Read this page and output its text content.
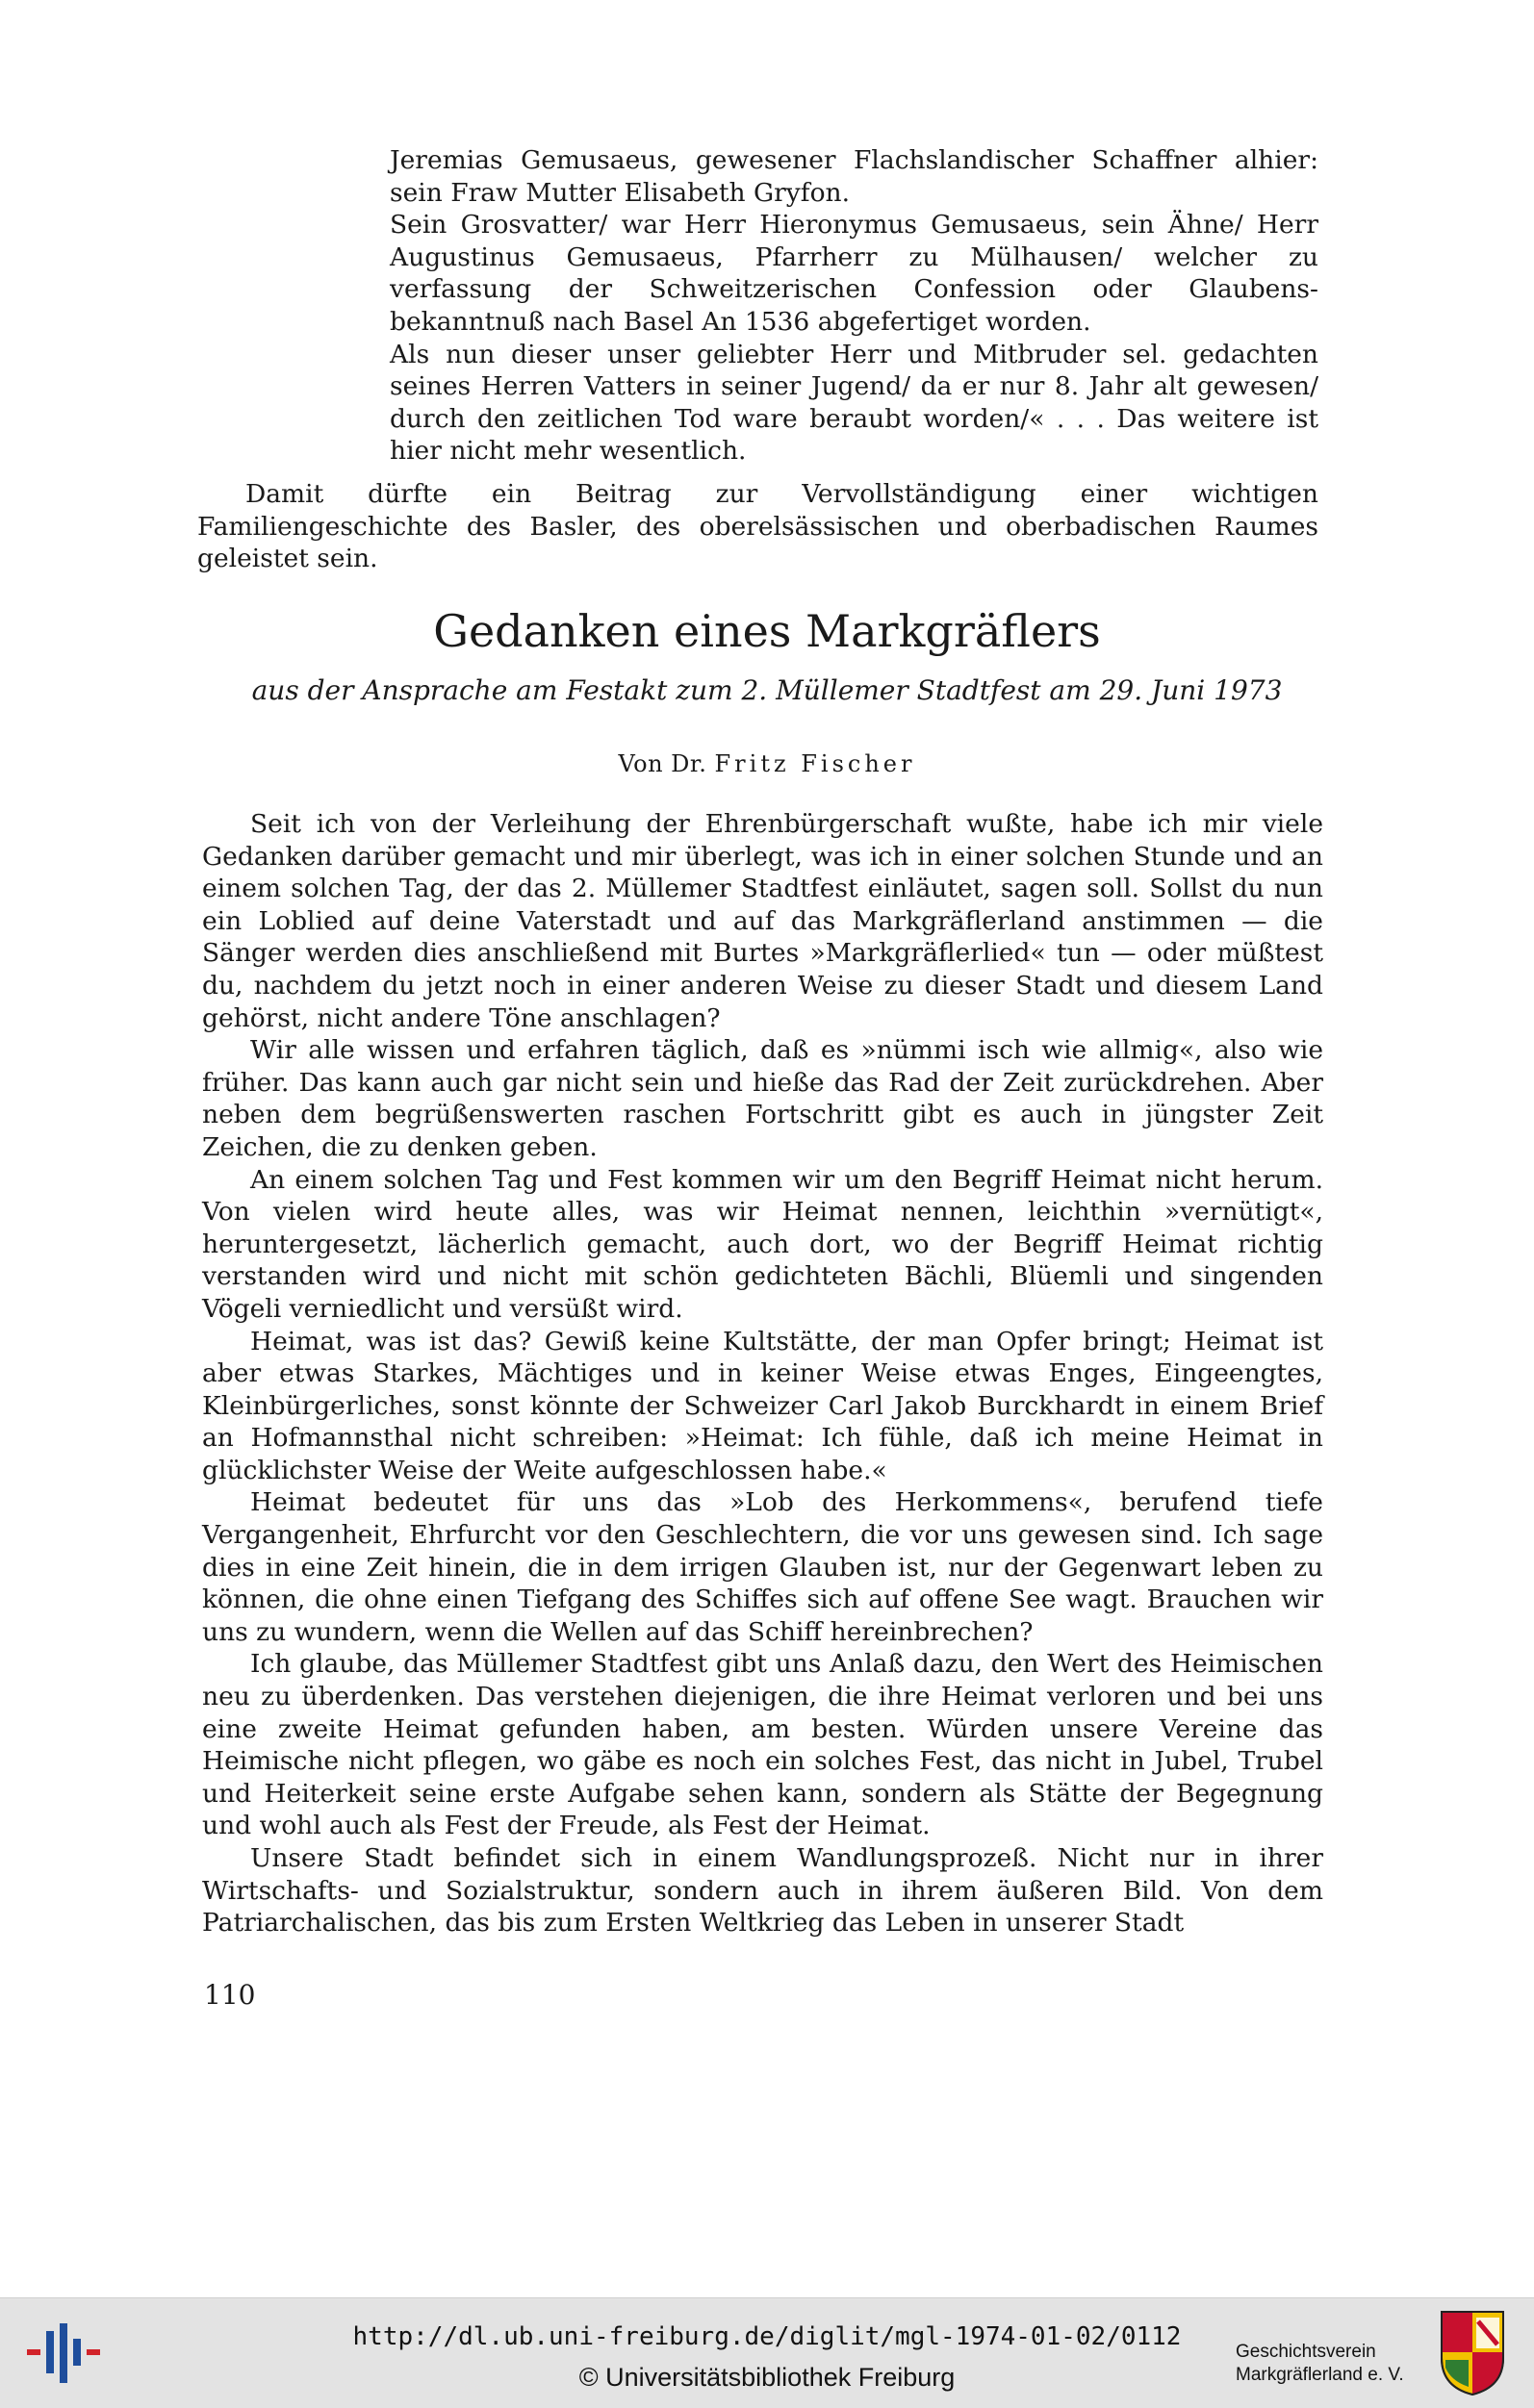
Jeremias Gemusaeus, gewesener Flachslandischer Schaffner alhier: sein Fraw Mutter Elisabeth Gryfon.

Sein Grosvatter/ war Herr Hieronymus Gemusaeus, sein Ähne/ Herr Augustinus Gemusaeus, Pfarrherr zu Mülhausen/ welcher zu verfassung der Schweitzerischen Confession oder Glaubens-bekanntnuß nach Basel An 1536 abgefertiget worden.

Als nun dieser unser geliebter Herr und Mitbruder sel. gedachten seines Herren Vatters in seiner Jugend/ da er nur 8. Jahr alt gewesen/ durch den zeitlichen Tod ware beraubt worden/« . . . Das weitere ist hier nicht mehr wesentlich.

Damit dürfte ein Beitrag zur Vervollständigung einer wichtigen Familiengeschichte des Basler, des oberelsässischen und oberbadischen Raumes geleistet sein.

Gedanken eines Markgräflers

aus der Ansprache am Festakt zum 2. Müllemer Stadtfest am 29. Juni 1973

Von Dr. Fritz Fischer

Seit ich von der Verleihung der Ehrenbürgerschaft wußte, habe ich mir viele Gedanken darüber gemacht und mir überlegt, was ich in einer solchen Stunde und an einem solchen Tag, der das 2. Müllemer Stadtfest einläutet, sagen soll. Sollst du nun ein Loblied auf deine Vaterstadt und auf das Markgräflerland anstimmen — die Sänger werden dies anschließend mit Burtes »Markgräflerlied« tun — oder müßtest du, nachdem du jetzt noch in einer anderen Weise zu dieser Stadt und diesem Land gehörst, nicht andere Töne anschlagen?

Wir alle wissen und erfahren täglich, daß es »nümmi isch wie allmig«, also wie früher. Das kann auch gar nicht sein und hieße das Rad der Zeit zurückdrehen. Aber neben dem begrüßenswerten raschen Fortschritt gibt es auch in jüngster Zeit Zeichen, die zu denken geben.

An einem solchen Tag und Fest kommen wir um den Begriff Heimat nicht herum. Von vielen wird heute alles, was wir Heimat nennen, leichthin »vernütigt«, heruntergesetzt, lächerlich gemacht, auch dort, wo der Begriff Heimat richtig verstanden wird und nicht mit schön gedichteten Bächli, Blüemli und singenden Vögeli verniedlicht und versüßt wird.

Heimat, was ist das? Gewiß keine Kultstätte, der man Opfer bringt; Heimat ist aber etwas Starkes, Mächtiges und in keiner Weise etwas Enges, Eingeengtes, Kleinbürgerliches, sonst könnte der Schweizer Carl Jakob Burckhardt in einem Brief an Hofmannsthal nicht schreiben: »Heimat: Ich fühle, daß ich meine Heimat in glücklichster Weise der Weite aufgeschlossen habe.«

Heimat bedeutet für uns das »Lob des Herkommens«, berufend tiefe Vergangenheit, Ehrfurcht vor den Geschlechtern, die vor uns gewesen sind. Ich sage dies in eine Zeit hinein, die in dem irrigen Glauben ist, nur der Gegenwart leben zu können, die ohne einen Tiefgang des Schiffes sich auf offene See wagt. Brauchen wir uns zu wundern, wenn die Wellen auf das Schiff hereinbrechen?

Ich glaube, das Müllemer Stadtfest gibt uns Anlaß dazu, den Wert des Heimischen neu zu überdenken. Das verstehen diejenigen, die ihre Heimat verloren und bei uns eine zweite Heimat gefunden haben, am besten. Würden unsere Vereine das Heimische nicht pflegen, wo gäbe es noch ein solches Fest, das nicht in Jubel, Trubel und Heiterkeit seine erste Aufgabe sehen kann, sondern als Stätte der Begegnung und wohl auch als Fest der Freude, als Fest der Heimat.

Unsere Stadt befindet sich in einem Wandlungsprozeß. Nicht nur in ihrer Wirtschafts- und Sozialstruktur, sondern auch in ihrem äußeren Bild. Von dem Patriarchalischen, das bis zum Ersten Weltkrieg das Leben in unserer Stadt

110

http://dl.ub.uni-freiburg.de/diglit/mgl-1974-01-02/0112
© Universitätsbibliothek Freiburg
Geschichtsverein
Markgräflerland e. V.
